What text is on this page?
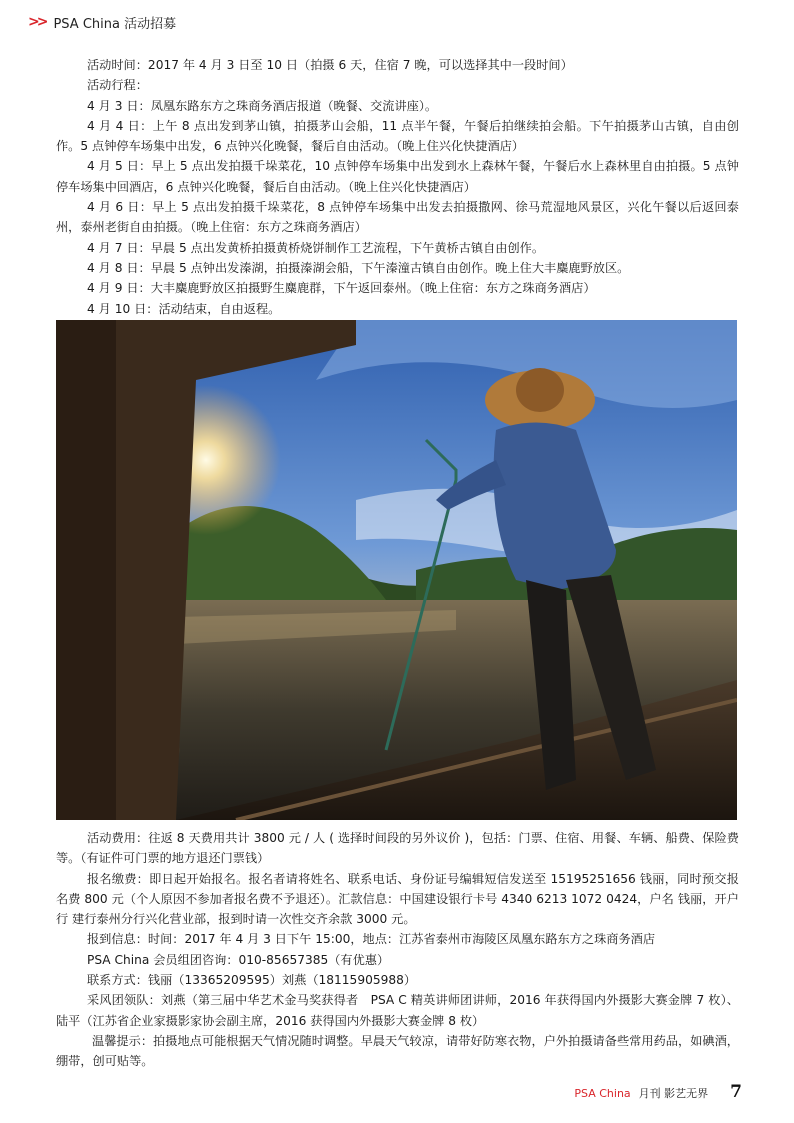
>> PSA China 活动招募

活动时间：2017 年 4 月 3 日至 10 日（拍摄 6 天，住宿 7 晚，可以选择其中一段时间）

活动行程：

4 月 3 日：凤凰东路东方之珠商务酒店报道（晚餐、交流讲座）。

4 月 4 日：上午 8 点出发到茅山镇，拍摄茅山会船，11 点半午餐，午餐后拍继续拍会船。下午拍摄茅山古镇，自由创作。5 点钟停车场集中出发，6 点钟兴化晚餐，餐后自由活动。（晚上住兴化快捷酒店）

4 月 5 日：早上 5 点出发拍摄千垛菜花，10 点钟停车场集中出发到水上森林午餐，午餐后水上森林里自由拍摄。5 点钟停车场集中回酒店，6 点钟兴化晚餐，餐后自由活动。（晚上住兴化快捷酒店）

4 月 6 日：早上 5 点出发拍摄千垛菜花，8 点钟停车场集中出发去拍摄撒网、徐马荒湿地风景区，兴化午餐以后返回泰州，泰州老街自由拍摄。（晚上住宿：东方之珠商务酒店）

4 月 7 日：早晨 5 点出发黄桥拍摄黄桥烧饼制作工艺流程，下午黄桥古镇自由创作。

4 月 8 日：早晨 5 点钟出发溱湖，拍摄溱湖会船，下午溱潼古镇自由创作。晚上住大丰麋鹿野放区。

4 月 9 日：大丰麋鹿野放区拍摄野生麋鹿群，下午返回泰州。（晚上住宿：东方之珠商务酒店）

4 月 10 日：活动结束，自由返程。

活动费用：往返 8 天费用共计 3800 元 / 人 ( 选择时间段的另外议价 )，包括：门票、住宿、用餐、车辆、船费、保险费等。（有证件可门票的地方退还门票钱）

报名缴费：即日起开始报名。报名者请将姓名、联系电话、身份证号编辑短信发送至 15195251656 钱丽，同时预交报名费 800 元（个人原因不参加者报名费不予退还）。汇款信息：中国建设银行卡号 4340 6213 1072 0424，户名 钱丽，开户行 建行泰州分行兴化营业部，报到时请一次性交齐余款 3000 元。

报到信息：时间：2017 年 4 月 3 日下午 15:00，地点：江苏省泰州市海陵区凤凰东路东方之珠商务酒店

PSA China 会员组团咨询：010-85657385（有优惠）

联系方式：钱丽（13365209595）刘燕（18115905988）

采风团领队：刘燕（第三届中华艺术金马奖获得者　PSA C 精英讲师团讲师，2016 年获得国内外摄影大赛金牌 7 枚）、陆平（江苏省企业家摄影家协会副主席，2016 获得国内外摄影大赛金牌 8 枚）

温馨提示：拍摄地点可能根据天气情况随时调整。早晨天气较凉，请带好防寒衣物，户外拍摄请备些常用药品，如碘酒，绷带，创可贴等。

PSA China 月刊 影艺无界 7
